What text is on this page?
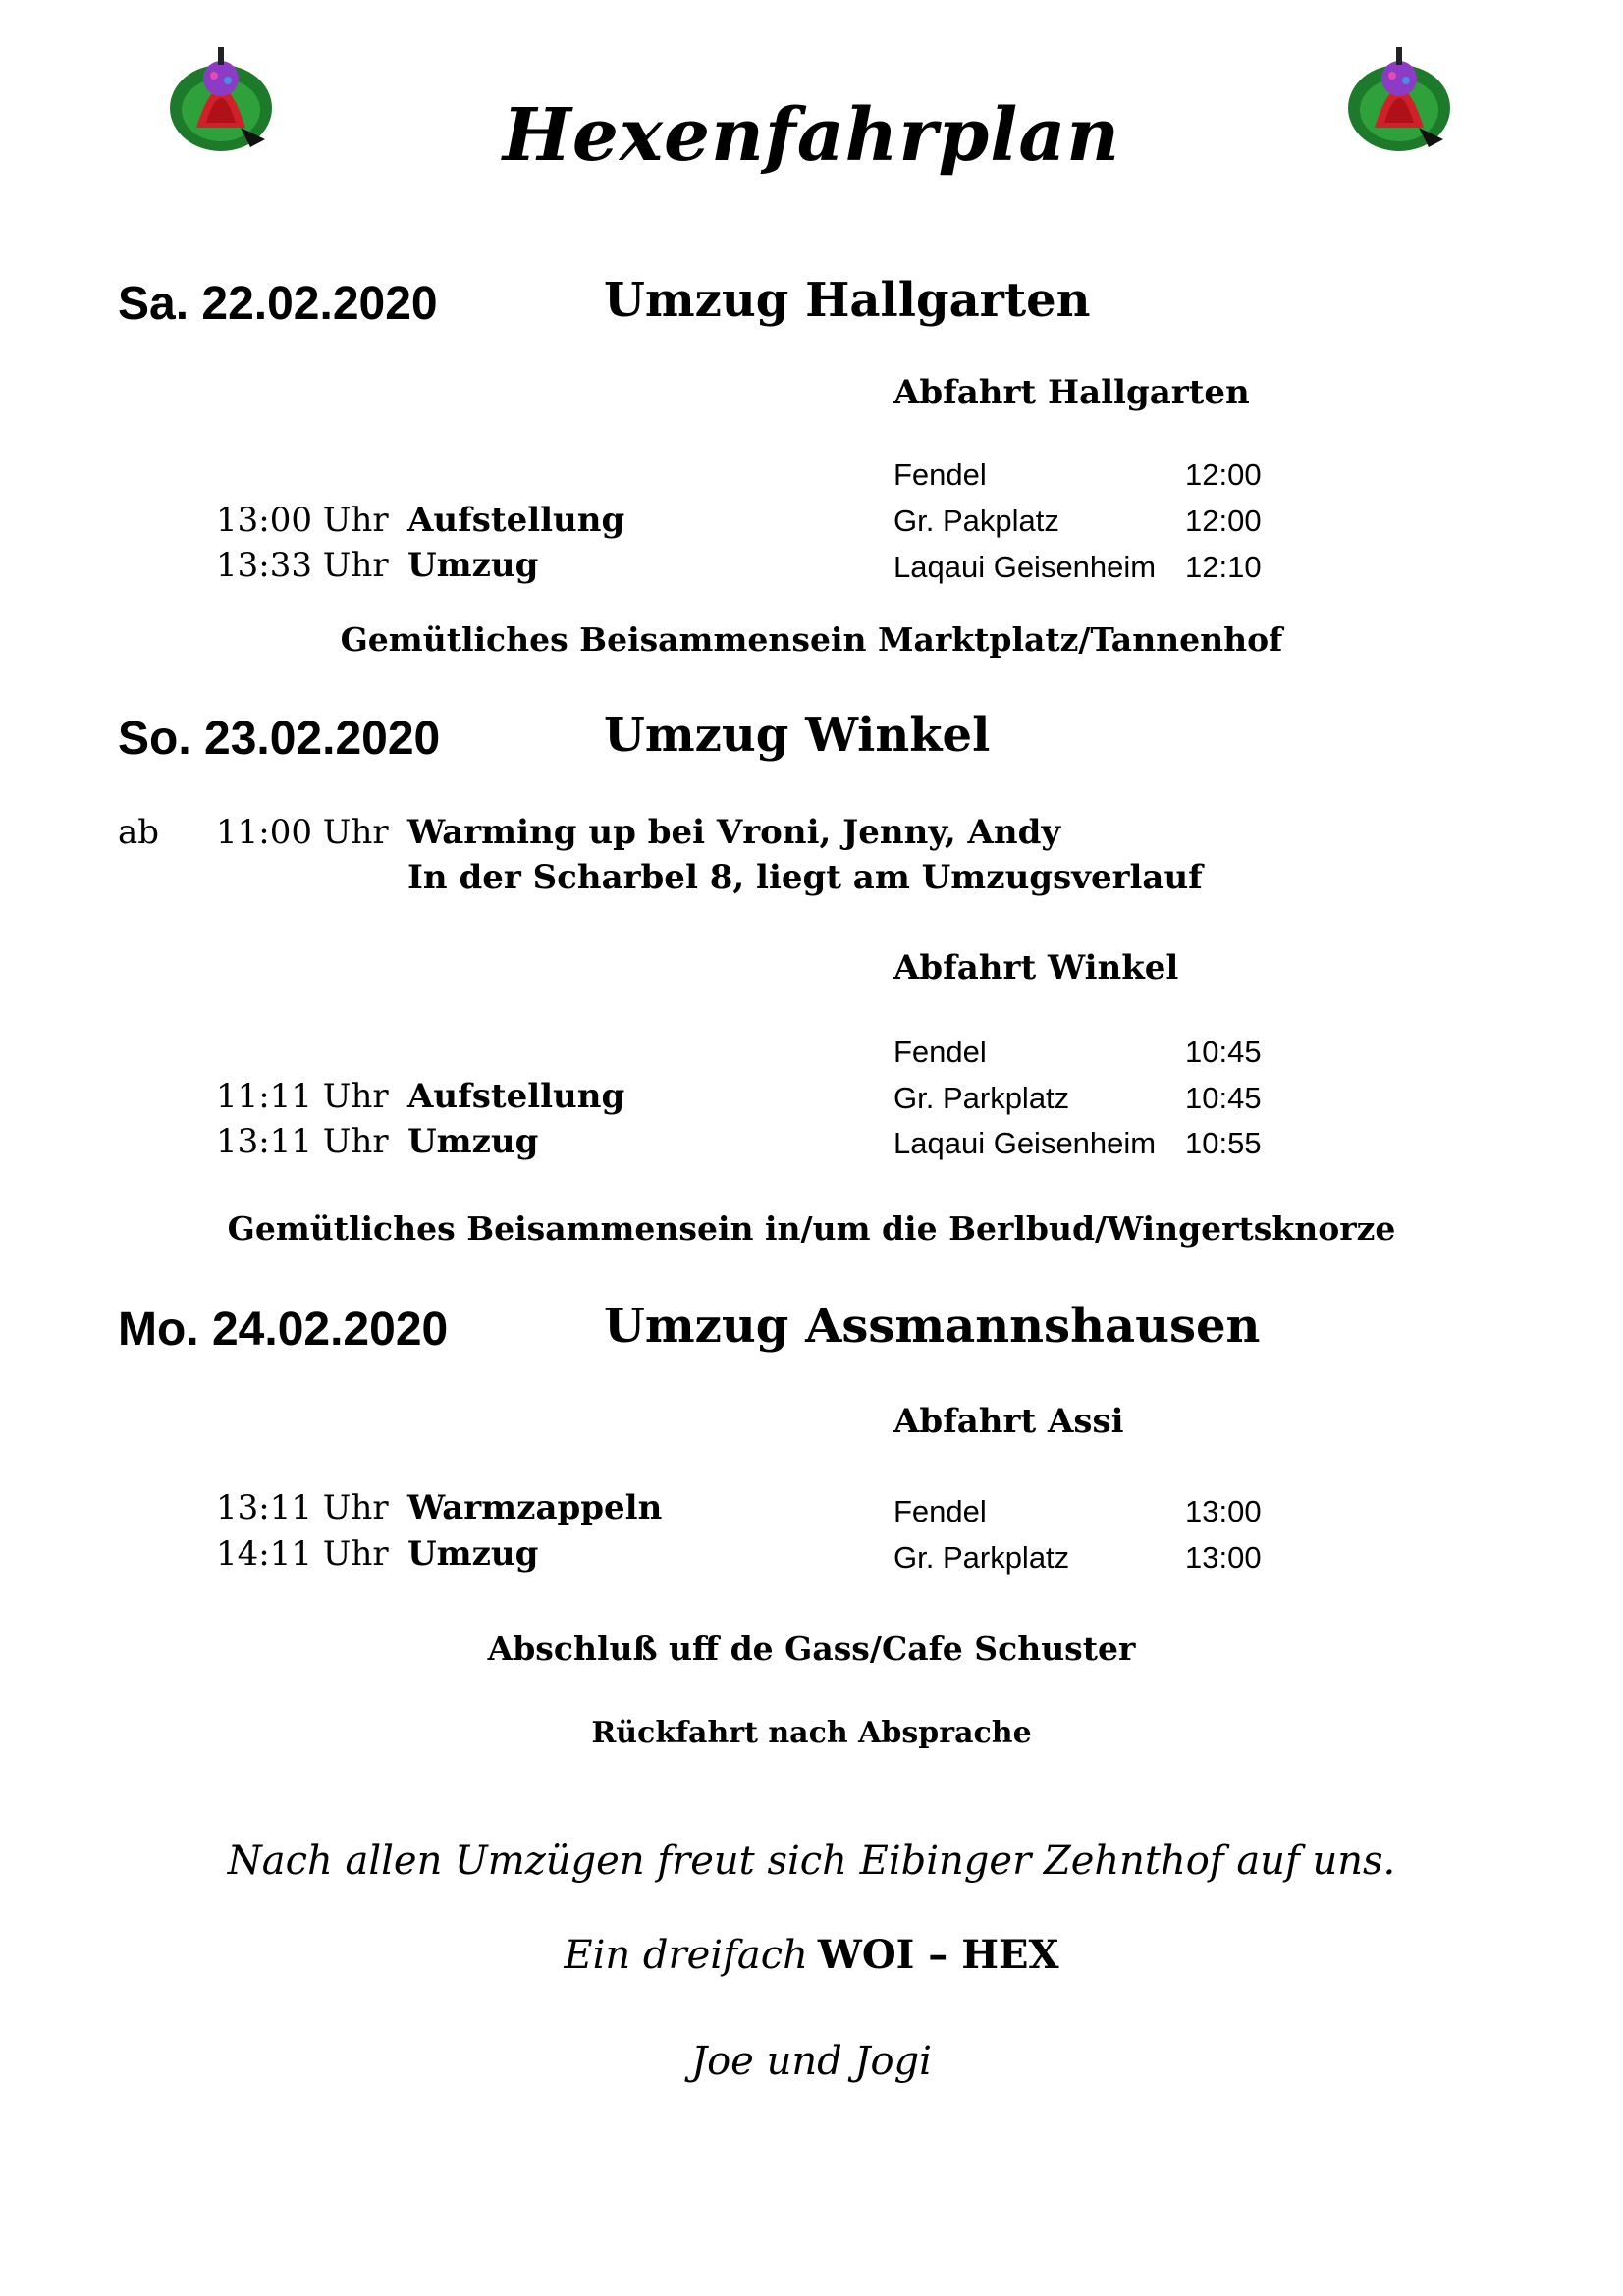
Hexenfahrplan
Sa. 22.02.2020	Umzug Hallgarten
Abfahrt Hallgarten
Fendel	12:00
13:00 Uhr Aufstellung	Gr. Pakplatz	12:00
13:33 Uhr Umzug	Laqaui Geisenheim 12:10
Gemütliches Beisammensein Marktplatz/Tannenhof
So. 23.02.2020	Umzug Winkel
ab 11:00 Uhr Warming up bei Vroni, Jenny, Andy
In der Scharbel 8, liegt am Umzugsverlauf
Abfahrt Winkel
Fendel	10:45
11:11 Uhr Aufstellung	Gr. Parkplatz	10:45
13:11 Uhr Umzug	Laqaui Geisenheim 10:55
Gemütliches Beisammensein in/um die Berlbud/Wingertsknorze
Mo. 24.02.2020	Umzug Assmannshausen
Abfahrt Assi
13:11 Uhr Warmzappeln	Fendel	13:00
14:11 Uhr Umzug	Gr. Parkplatz	13:00
Abschluß uff de Gass/Cafe Schuster
Rückfahrt nach Absprache
Nach allen Umzügen freut sich Eibinger Zehnthof auf uns.
Ein dreifach WOI – HEX
Joe und Jogi
